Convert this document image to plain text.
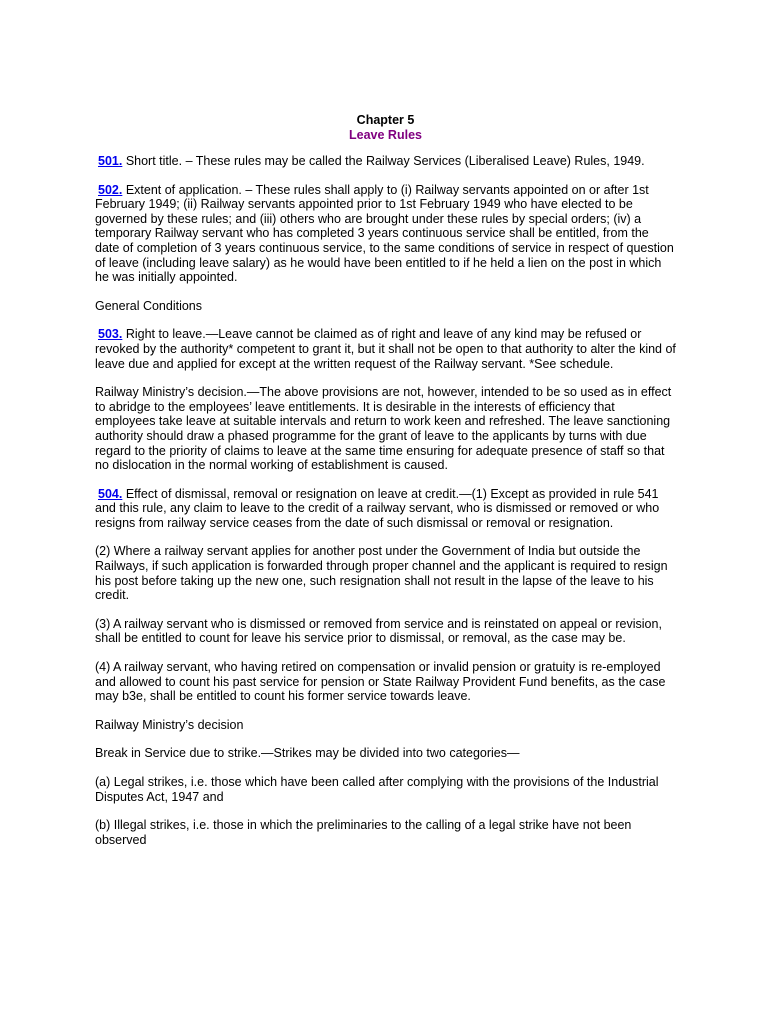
Chapter 5
Leave Rules

501. Short title. – These rules may be called the Railway Services (Liberalised Leave) Rules, 1949.

502. Extent of application. – These rules shall apply to (i) Railway servants appointed on or after 1st February 1949; (ii) Railway servants appointed prior to 1st February 1949 who have elected to be governed by these rules; and (iii) others who are brought under these rules by special orders; (iv) a temporary Railway servant who has completed 3 years continuous service shall be entitled, from the date of completion of 3 years continuous service, to the same conditions of service in respect of question of leave (including leave salary) as he would have been entitled to if he held a lien on the post in which he was initially appointed.

General Conditions

503. Right to leave.—Leave cannot be claimed as of right and leave of any kind may be refused or revoked by the authority* competent to grant it, but it shall not be open to that authority to alter the kind of leave due and applied for except at the written request of the Railway servant. *See schedule.

Railway Ministry’s decision.—The above provisions are not, however, intended to be so used as in effect to abridge to the employees’ leave entitlements. It is desirable in the interests of efficiency that employees take leave at suitable intervals and return to work keen and refreshed. The leave sanctioning authority should draw a phased programme for the grant of leave to the applicants by turns with due regard to the priority of claims to leave at the same time ensuring for adequate presence of staff so that no dislocation in the normal working of establishment is caused.

504. Effect of dismissal, removal or resignation on leave at credit.—(1) Except as provided in rule 541 and this rule, any claim to leave to the credit of a railway servant, who is dismissed or removed or who resigns from railway service ceases from the date of such dismissal or removal or resignation.

(2) Where a railway servant applies for another post under the Government of India but outside the Railways, if such application is forwarded through proper channel and the applicant is required to resign his post before taking up the new one, such resignation shall not result in the lapse of the leave to his credit.

(3) A railway servant who is dismissed or removed from service and is reinstated on appeal or revision, shall be entitled to count for leave his service prior to dismissal, or removal, as the case may be.

(4) A railway servant, who having retired on compensation or invalid pension or gratuity is re-employed and allowed to count his past service for pension or State Railway Provident Fund benefits, as the case may b3e, shall be entitled to count his former service towards leave.

Railway Ministry’s decision

Break in Service due to strike.—Strikes may be divided into two categories—

(a) Legal strikes, i.e. those which have been called after complying with the provisions of the Industrial Disputes Act, 1947 and

(b) Illegal strikes, i.e. those in which the preliminaries to the calling of a legal strike have not been observed
